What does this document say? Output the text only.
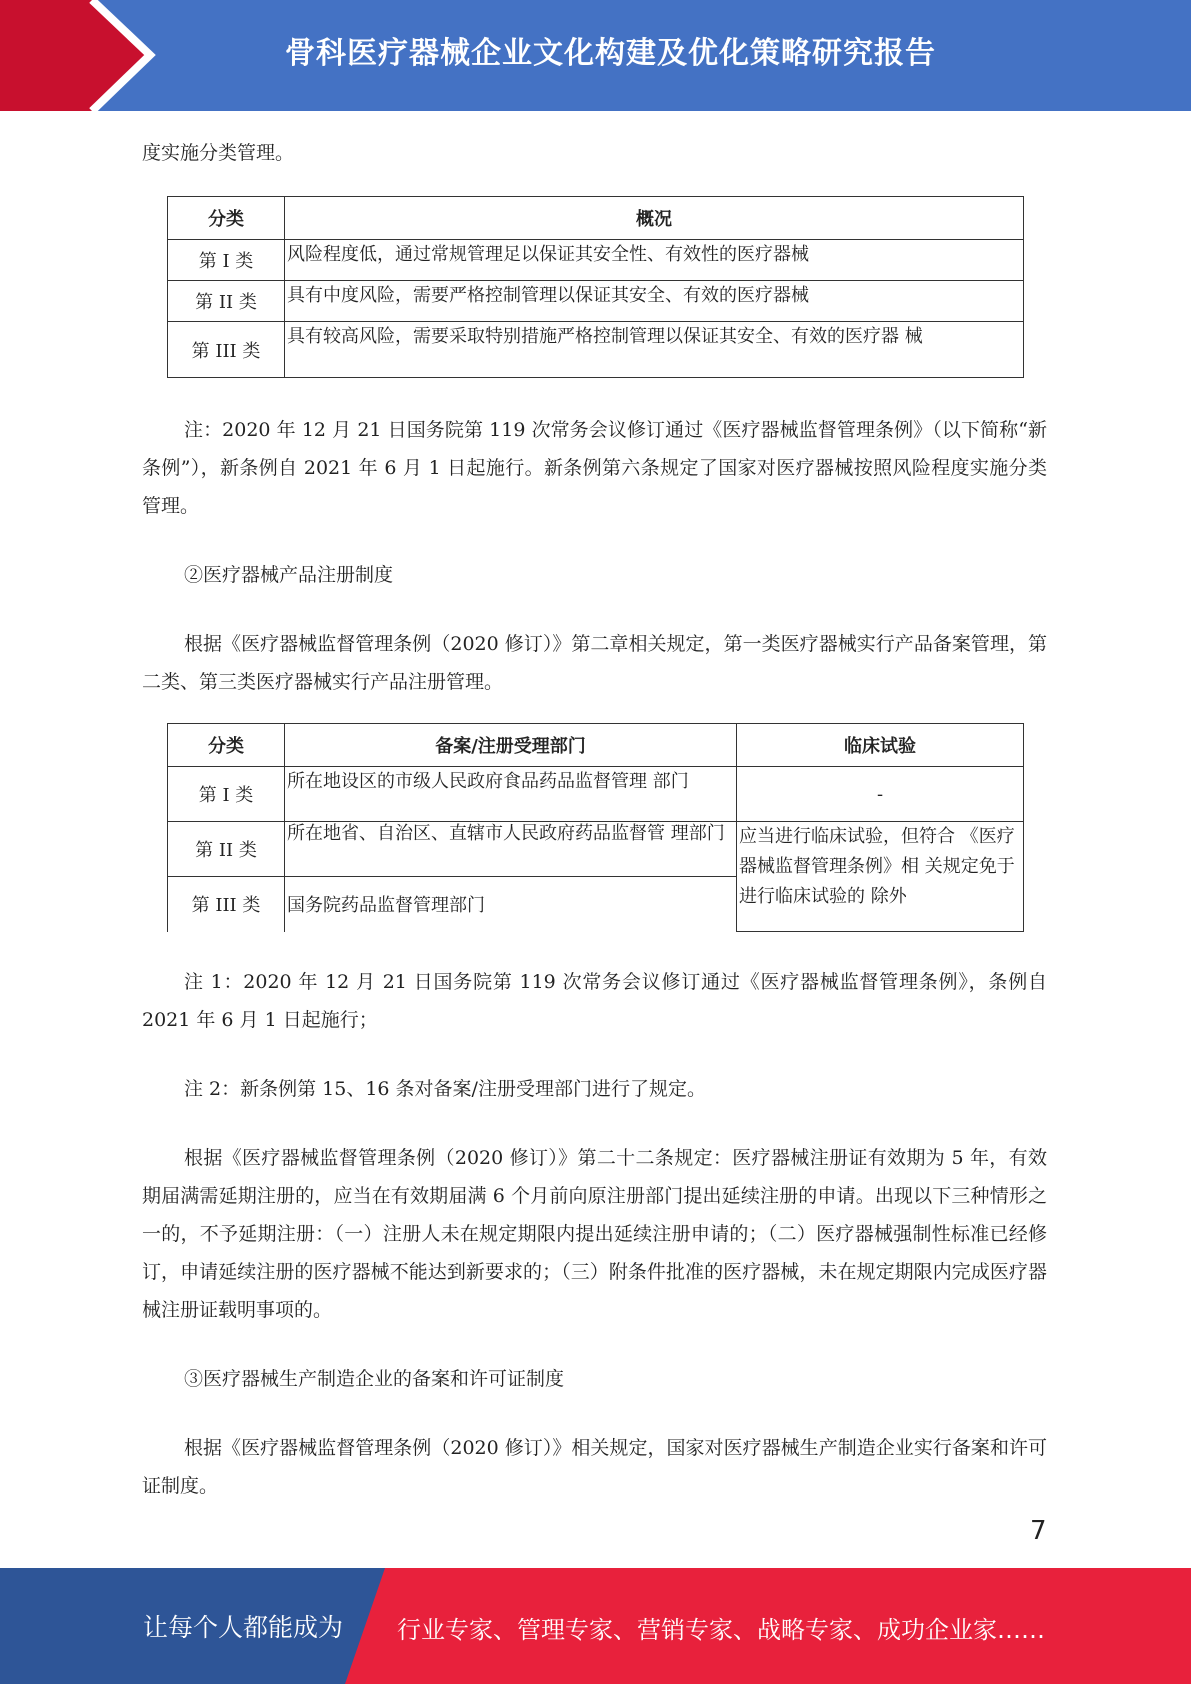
骨科医疗器械企业文化构建及优化策略研究报告

度实施分类管理。

分类	概况
第 I 类	风险程度低，通过常规管理足以保证其安全性、有效性的医疗器械
第 II 类	具有中度风险，需要严格控制管理以保证其安全、有效的医疗器械
第 III 类	具有较高风险，需要采取特别措施严格控制管理以保证其安全、有效的医疗器 械

注：2020 年 12 月 21 日国务院第 119 次常务会议修订通过《医疗器械监督管理条例》（以下简称“新条例”），新条例自 2021 年 6 月 1 日起施行。新条例第六条规定了国家对医疗器械按照风险程度实施分类管理。

②医疗器械产品注册制度

根据《医疗器械监督管理条例（2020 修订）》第二章相关规定，第一类医疗器械实行产品备案管理，第二类、第三类医疗器械实行产品注册管理。

分类	备案/注册受理部门	临床试验
第 I 类	所在地设区的市级人民政府食品药品监督管理 部门	-
第 II 类	所在地省、自治区、直辖市人民政府药品监督管 理部门	应当进行临床试验，但符合 《医疗器械监督管理条例》相 关规定免于进行临床试验的 除外
第 III 类	国务院药品监督管理部门	

注 1：2020 年 12 月 21 日国务院第 119 次常务会议修订通过《医疗器械监督管理条例》，条例自 2021 年 6 月 1 日起施行；

注 2：新条例第 15、16 条对备案/注册受理部门进行了规定。

根据《医疗器械监督管理条例（2020 修订）》第二十二条规定：医疗器械注册证有效期为 5 年，有效期届满需延期注册的，应当在有效期届满 6 个月前向原注册部门提出延续注册的申请。出现以下三种情形之一的，不予延期注册：（一）注册人未在规定期限内提出延续注册申请的；（二）医疗器械强制性标准已经修订，申请延续注册的医疗器械不能达到新要求的；（三）附条件批准的医疗器械，未在规定期限内完成医疗器械注册证载明事项的。

③医疗器械生产制造企业的备案和许可证制度

根据《医疗器械监督管理条例（2020 修订）》相关规定，国家对医疗器械生产制造企业实行备案和许可证制度。

7
让每个人都能成为 行业专家、管理专家、营销专家、战略专家、成功企业家……
